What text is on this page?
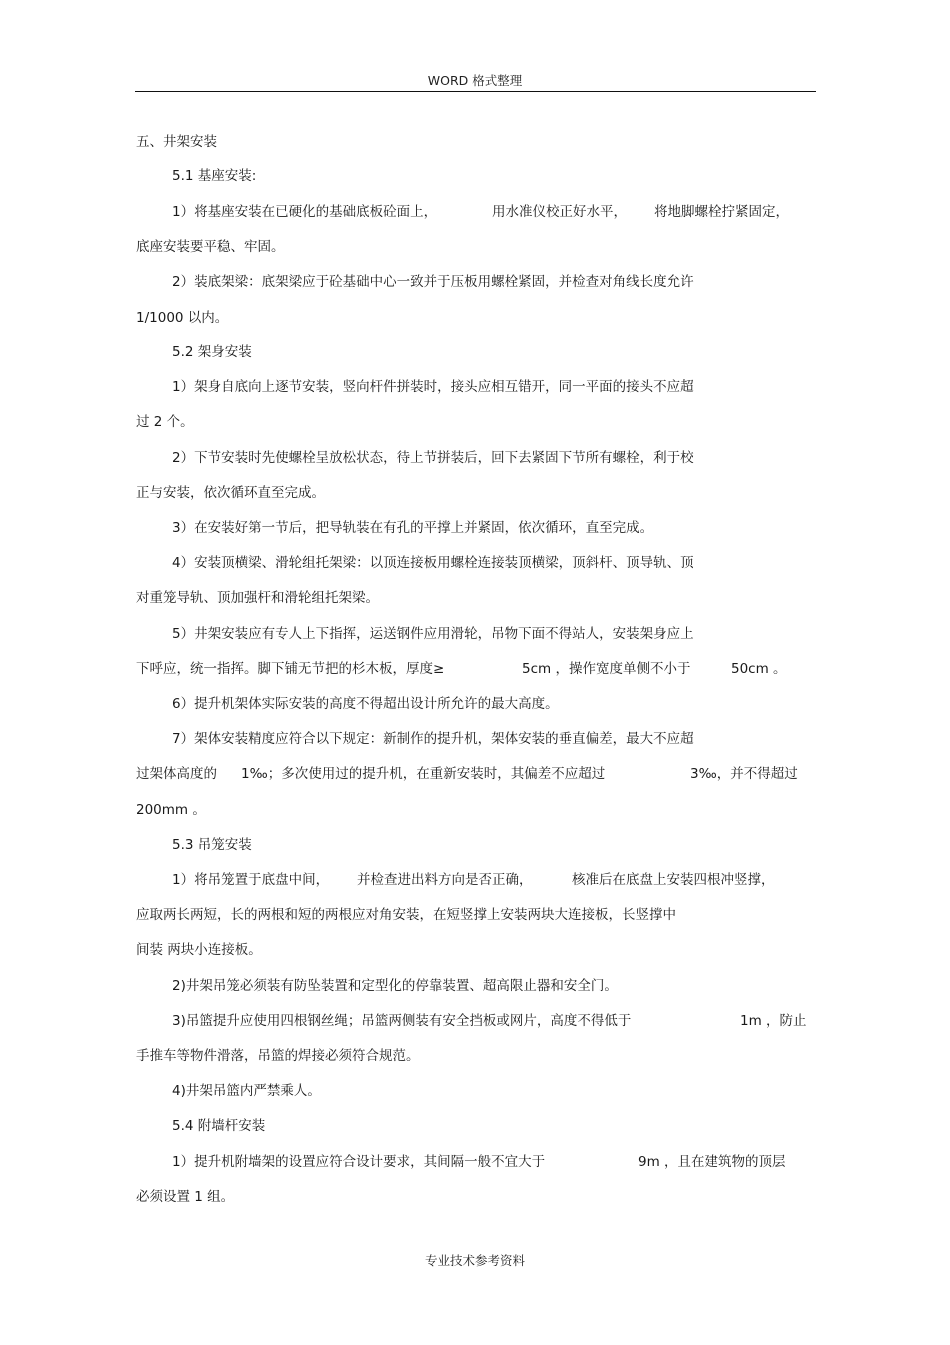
WORD 格式整理
五、井架安装
5.1 基座安装:
1）将基座安装在已硬化的基础底板砼面上，	用水准仪校正好水平， 将地脚螺栓拧紧固定，
底座安装要平稳、牢固。
2）装底架梁：底架梁应于砼基础中心一致并于压板用螺栓紧固，并检查对角线长度允许
1/1000 以内。
5.2 架身安装
1）架身自底向上逐节安装，竖向杆件拼装时，接头应相互错开，同一平面的接头不应超
过 2 个。
2）下节安装时先使螺栓呈放松状态，待上节拼装后，回下去紧固下节所有螺栓，利于校
正与安装，依次循环直至完成。
3）在安装好第一节后，把导轨装在有孔的平撑上并紧固，依次循环，直至完成。
4）安装顶横梁、滑轮组托架梁：以顶连接板用螺栓连接装顶横梁，顶斜杆、顶导轨、顶
对重笼导轨、顶加强杆和滑轮组托架梁。
5）井架安装应有专人上下指挥，运送钢件应用滑轮，吊物下面不得站人，安装架身应上
下呼应，统一指挥。脚下铺无节把的杉木板，厚度≥	5cm ，操作宽度单侧不小于	50cm 。
6）提升机架体实际安装的高度不得超出设计所允许的最大高度。
7）架体安装精度应符合以下规定：新制作的提升机，架体安装的垂直偏差，最大不应超
过架体高度的 1‰；多次使用过的提升机，在重新安装时，其偏差不应超过	3‰，并不得超过
200mm 。
5.3 吊笼安装
1）将吊笼置于底盘中间， 并检查进出料方向是否正确，	核准后在底盘上安装四根冲竖撑，
应取两长两短，长的两根和短的两根应对角安装，在短竖撑上安装两块大连接板，长竖撑中
间装 两块小连接板。
2)井架吊笼必须装有防坠装置和定型化的停靠装置、超高限止器和安全门。
3)吊篮提升应使用四根钢丝绳；吊篮两侧装有安全挡板或网片，高度不得低于	1m ，防止
手推车等物件滑落，吊篮的焊接必须符合规范。
4)井架吊篮内严禁乘人。
5.4 附墙杆安装
1）提升机附墙架的设置应符合设计要求，其间隔一般不宜大于	9m ，且在建筑物的顶层
必须设置 1 组。
专业技术参考资料
